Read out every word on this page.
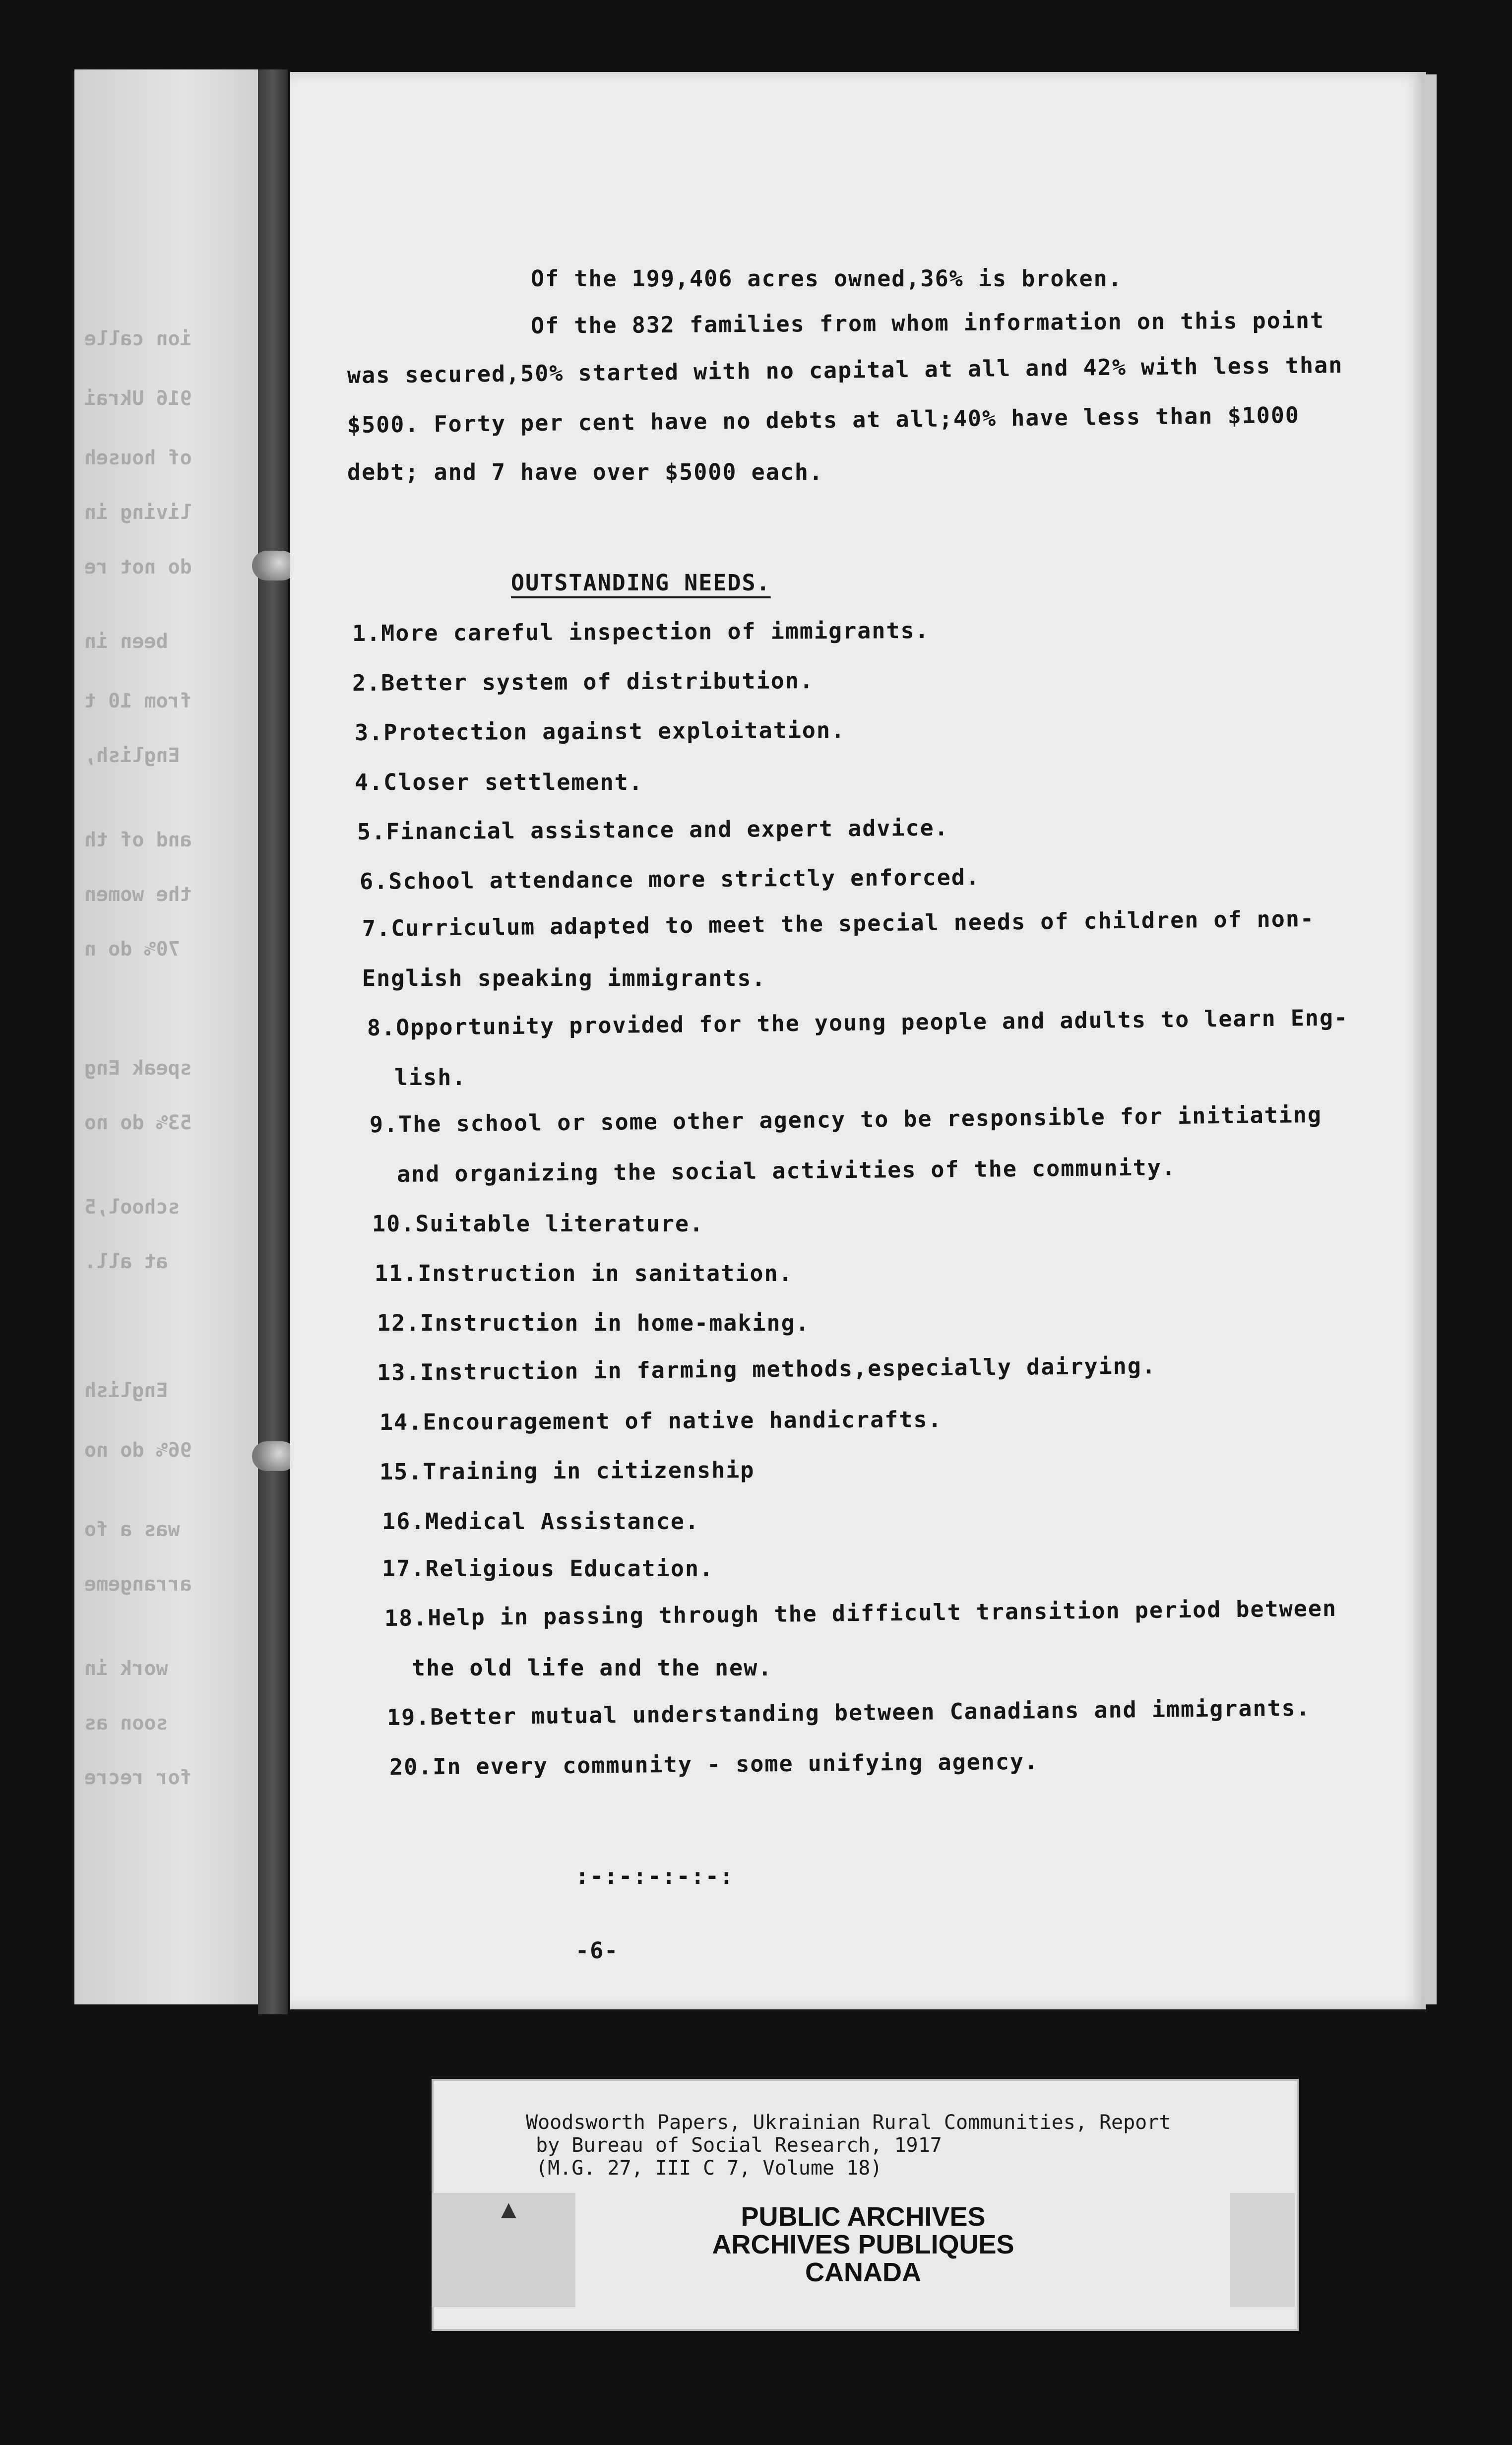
ion calle
916 Ukrai
of househ
living in
do not re
been in
from 10 t
English,
and of th
the women
70% do n
speak Eng
53% do no
school,5
at all.
English
96% do no
was a fo
arrangeme
work in
soon as
for recre
Of the 199,406 acres owned,36% is broken.
Of the 832 families from whom information on this point
was secured,50% started with no capital at all and 42% with less than
$500. Forty per cent have no debts at all;40% have less than $1000
debt; and 7 have over $5000 each.
OUTSTANDING NEEDS.
1.More careful inspection of immigrants.
2.Better system of distribution.
3.Protection against exploitation.
4.Closer settlement.
5.Financial assistance and expert advice.
6.School attendance more strictly enforced.
7.Curriculum adapted to meet the special needs of children of non-
English speaking immigrants.
8.Opportunity provided for the young people and adults to learn Eng-
lish.
9.The school or some other agency to be responsible for initiating
and organizing the social activities of the community.
10.Suitable literature.
11.Instruction in sanitation.
12.Instruction in home-making.
13.Instruction in farming methods,especially dairying.
14.Encouragement of native handicrafts.
15.Training in citizenship
16.Medical Assistance.
17.Religious Education.
18.Help in passing through the difficult transition period between
the old life and the new.
19.Better mutual understanding between Canadians and immigrants.
20.In every community - some unifying agency.
:-:-:-:-:-:
-6-
▲
Woodsworth Papers, Ukrainian Rural Communities, Report
by Bureau of Social Research, 1917
(M.G. 27, III C 7, Volume 18)
PUBLIC ARCHIVES
ARCHIVES PUBLIQUES
CANADA
